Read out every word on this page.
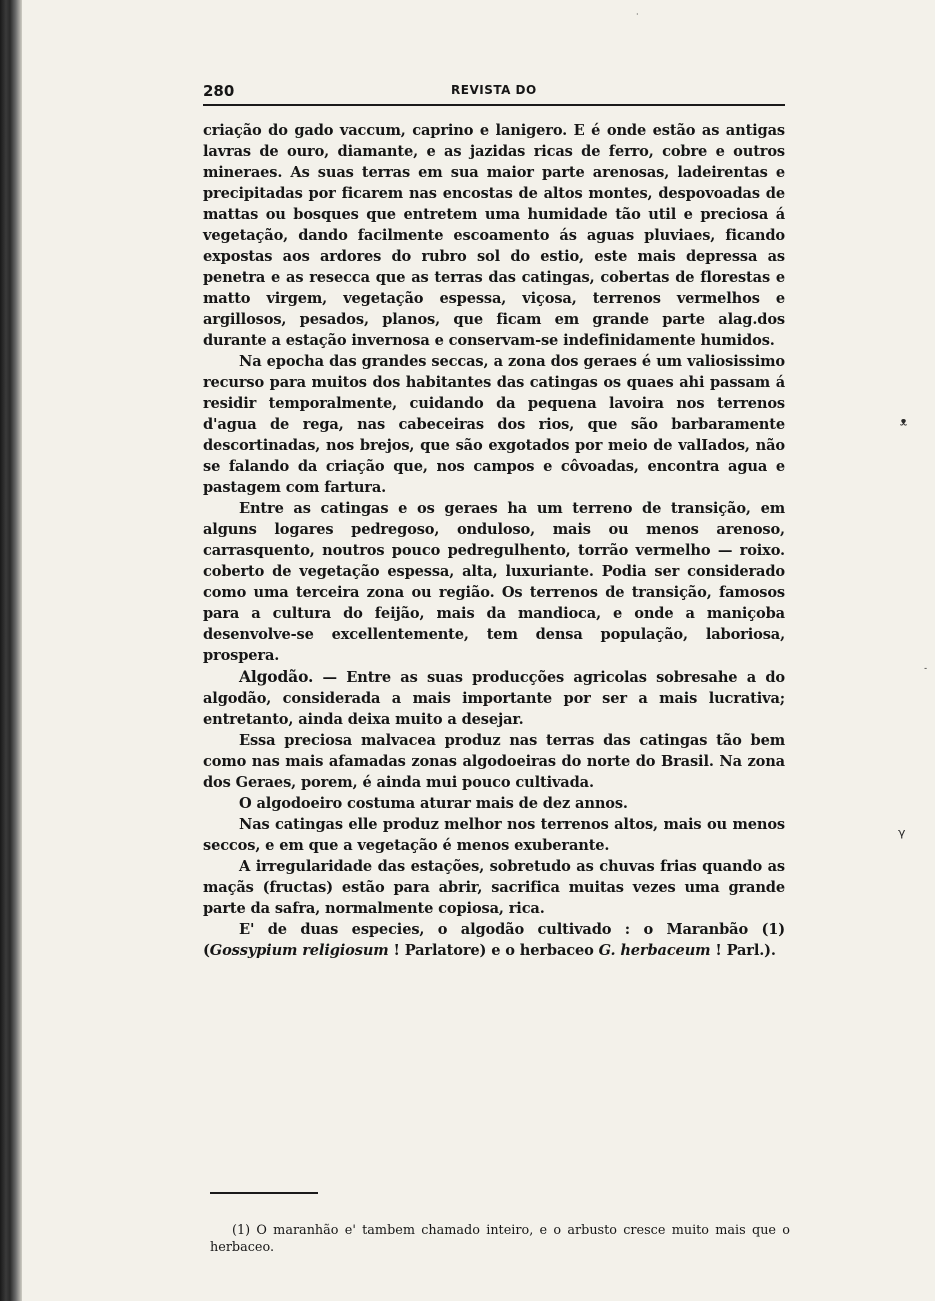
280	REVISTA DO

criação do gado vaccum, caprino e lanigero. E é onde estão as antigas lavras de ouro, diamante, e as jazidas ricas de ferro, cobre e outros mineraes. As suas terras em sua maior parte arenosas, ladeirentas e precipitadas por ficarem nas encostas de altos montes, despovoadas de mattas ou bosques que entretem uma humidade tão util e preciosa á vegetação, dando facilmente escoamento ás aguas pluviaes, ficando expostas aos ardores do rubro sol do estio, este mais depressa as penetra e as resecca que as terras das catingas, cobertas de florestas e matto virgem, vegetação espessa, viçosa, terrenos vermelhos e argillosos, pesados, planos, que ficam em grande parte alag.dos durante a estação invernosa e conservam-se indefinidamente humidos.

Na epocha das grandes seccas, a zona dos geraes é um valiosissimo recurso para muitos dos habitantes das catingas os quaes ahi passam á residir temporalmente, cuidando da pequena lavoira nos terrenos d'agua de rega, nas cabeceiras dos rios, que são barbaramente descortinadas, nos brejos, que são exgotados por meio de valIados, não se falando da criação que, nos campos e côvoadas, encontra agua e pastagem com fartura.

Entre as catingas e os geraes ha um terreno de transição, em alguns logares pedregoso, onduloso, mais ou menos arenoso, carrasquento, noutros pouco pedregulhento, torrão vermelho — roixo. coberto de vegetação espessa, alta, luxuriante. Podia ser considerado como uma terceira zona ou região. Os terrenos de transição, famosos para a cultura do feijão, mais da mandioca, e onde a maniçoba desenvolve-se excellentemente, tem densa população, laboriosa, prospera.

Algodão. — Entre as suas producções agricolas sobresahe a do algodão, considerada a mais importante por ser a mais lucrativa; entretanto, ainda deixa muito a desejar.

Essa preciosa malvacea produz nas terras das catingas tão bem como nas mais afamadas zonas algodoeiras do norte do Brasil. Na zona dos Geraes, porem, é ainda mui pouco cultivada.

O algodoeiro costuma aturar mais de dez annos.

Nas catingas elle produz melhor nos terrenos altos, mais ou menos seccos, e em que a vegetação é menos exuberante.

A irregularidade das estações, sobretudo as chuvas frias quando as maçãs (fructas) estão para abrir, sacrifica muitas vezes uma grande parte da safra, normalmente copiosa, rica.

E' de duas especies, o algodão cultivado : o Maranbão (1) (Gossypium religiosum ! Parlatore) e o herbaceo G. herbaceum ! Parl.).

(1) O maranhão e' tambem chamado inteiro, e o arbusto cresce muito mais que o herbaceo.

ᵜ
ᵞ
˗
·
